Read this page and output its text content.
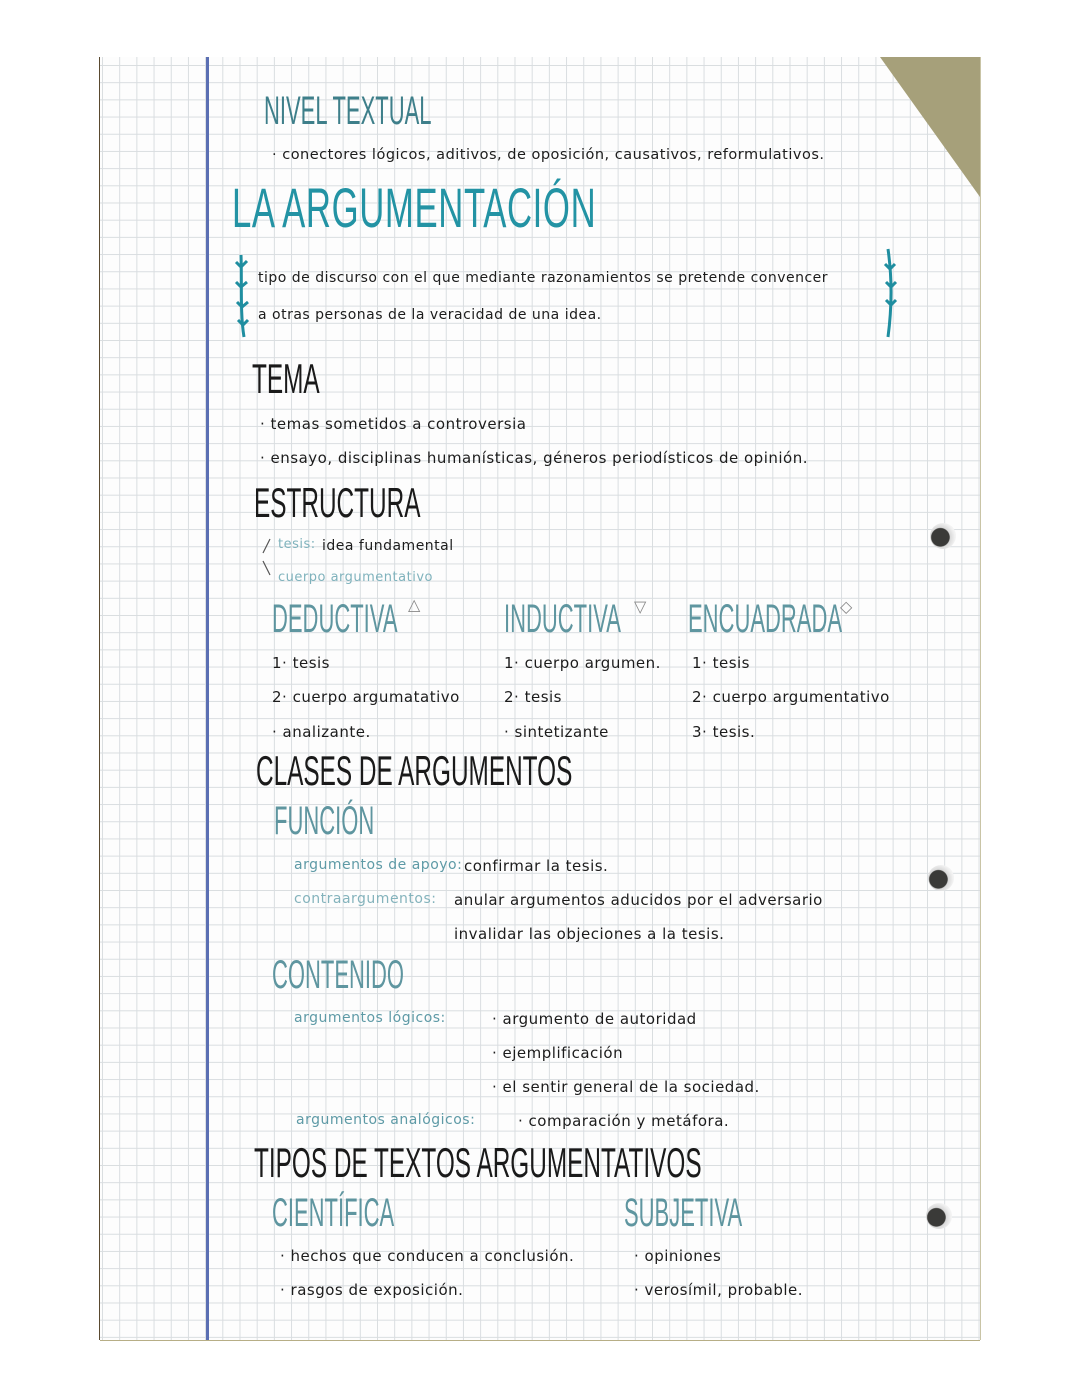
NIVEL TEXTUAL
· conectores lógicos, aditivos, de oposición, causativos, reformulativos.
LA ARGUMENTACIÓN
tipo de discurso con el que mediante razonamientos se pretende convencer
a otras personas de la veracidad de una idea.
TEMA
· temas sometidos a controversia
· ensayo, disciplinas humanísticas, géneros periodísticos de opinión.
ESTRUCTURA
tesis: idea fundamental
cuerpo argumentativo
DEDUCTIVA △
1· tesis
2· cuerpo argumatativo
· analizante.
INDUCTIVA ▽
1· cuerpo argumen.
2· tesis
· sintetizante
ENCUADRADA
◇
1· tesis
2· cuerpo argumentativo
3· tesis.
CLASES DE ARGUMENTOS
FUNCIÓN
argumentos de apoyo: confirmar la tesis.
contraargumentos: anular argumentos aducidos por el adversario
invalidar las objeciones a la tesis.
CONTENIDO
argumentos lógicos:	· argumento de autoridad
· ejemplificación
· el sentir general de la sociedad.
argumentos analógicos:	· comparación y metáfora.
TIPOS DE TEXTOS ARGUMENTATIVOS
CIENTÍFICA
· hechos que conducen a conclusión.
· rasgos de exposición.
SUBJETIVA
· opiniones
· verosímil, probable.
